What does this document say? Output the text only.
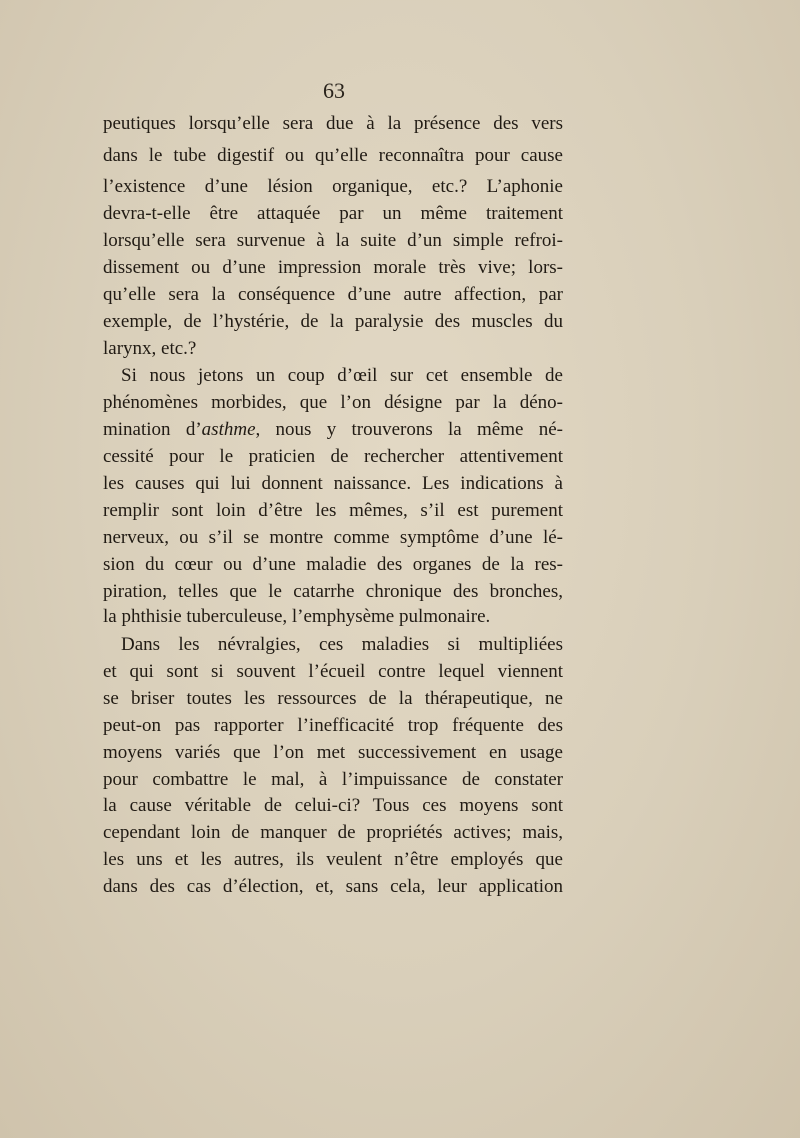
63
peutiques lorsqu’elle sera due à la présence des vers
dans le tube digestif ou qu’elle reconnaîtra pour cause
l’existence d’une lésion organique, etc.? L’aphonie
devra-t-elle être attaquée par un même traitement
lorsqu’elle sera survenue à la suite d’un simple refroi-
dissement ou d’une impression morale très vive; lors-
qu’elle sera la conséquence d’une autre affection, par
exemple, de l’hystérie, de la paralysie des muscles du
larynx, etc.?
Si nous jetons un coup d’œil sur cet ensemble de
phénomènes morbides, que l’on désigne par la déno-
mination d’asthme, nous y trouverons la même né-
cessité pour le praticien de rechercher attentivement
les causes qui lui donnent naissance. Les indications à
remplir sont loin d’être les mêmes, s’il est purement
nerveux, ou s’il se montre comme symptôme d’une lé-
sion du cœur ou d’une maladie des organes de la res-
piration, telles que le catarrhe chronique des bronches,
la phthisie tuberculeuse, l’emphysème pulmonaire.
Dans les névralgies, ces maladies si multipliées
et qui sont si souvent l’écueil contre lequel viennent
se briser toutes les ressources de la thérapeutique, ne
peut-on pas rapporter l’inefficacité trop fréquente des
moyens variés que l’on met successivement en usage
pour combattre le mal, à l’impuissance de constater
la cause véritable de celui-ci? Tous ces moyens sont
cependant loin de manquer de propriétés actives; mais,
les uns et les autres, ils veulent n’être employés que
dans des cas d’élection, et, sans cela, leur application
